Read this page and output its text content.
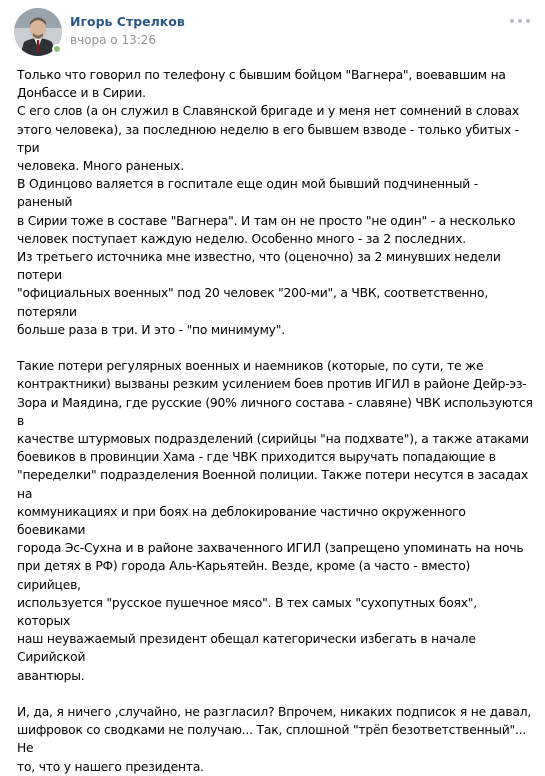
Игорь Стрелков
вчора о 13:26

Только что говорил по телефону с бывшим бойцом "Вагнера", воевавшим на

Донбассе и в Сирии.

С его слов (а он служил в Славянской бригаде и у меня нет сомнений в словах

этого человека), за последнюю неделю в его бывшем взводе - только убитых - три

человека. Много раненых.

В Одинцово валяется в госпитале еще один мой бывший подчиненный - раненый

в Сирии тоже в составе "Вагнера". И там он не просто "не один" - а несколько

человек поступает каждую неделю. Особенно много - за 2 последних.

Из третьего источника мне известно, что (оценочно) за 2 минувших недели потери

"официальных военных" под 20 человек "200-ми", а ЧВК, соответственно, потеряли

больше раза в три. И это - "по минимуму".

Такие потери регулярных военных и наемников (которые, по сути, те же

контрактники) вызваны резким усилением боев против ИГИЛ в районе Дейр-эз-

Зора и Маядина, где русские (90% личного состава - славяне) ЧВК используются в

качестве штурмовых подразделений (сирийцы "на подхвате"), а также атаками

боевиков в провинции Хама - где ЧВК приходится выручать попадающие в

"переделки" подразделения Военной полиции. Также потери несутся в засадах на

коммуникациях и при боях на деблокирование частично окруженного боевиками

города Эс-Сухна и в районе захваченного ИГИЛ (запрещено упоминать на ночь

при детях в РФ) города Аль-Карьятейн. Везде, кроме (а часто - вместо) сирийцев,

используется "русское пушечное мясо". В тех самых "сухопутных боях", которых

наш неуважаемый президент обещал категорически избегать в начале Сирийской

авантюры.

И, да, я ничего ,случайно, не разгласил? Впрочем, никаких подписок я не давал,

шифровок со сводками не получаю... Так, сплошной "трёп безответственный"... Не

то, что у нашего президента.
